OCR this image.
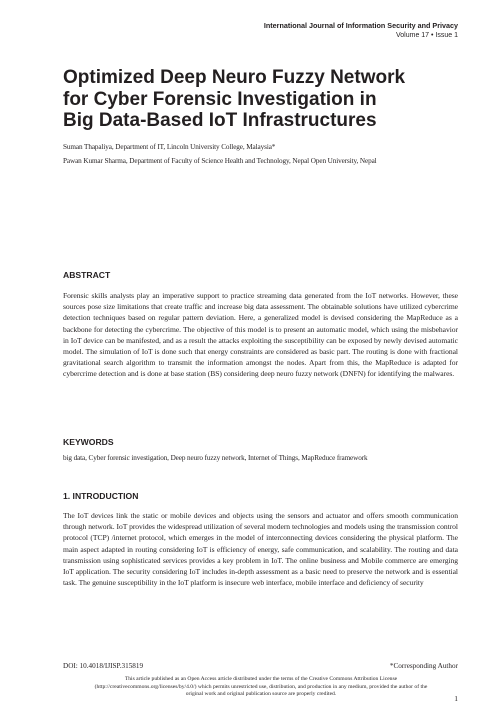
International Journal of Information Security and Privacy
Volume 17 • Issue 1
Optimized Deep Neuro Fuzzy Network
for Cyber Forensic Investigation in
Big Data-Based IoT Infrastructures
Suman Thapaliya, Department of IT, Lincoln University College, Malaysia*
Pawan Kumar Sharma, Department of Faculty of Science Health and Technology, Nepal Open University, Nepal
ABSTRACT

Forensic skills analysts play an imperative support to practice streaming data generated from the IoT networks. However, these sources pose size limitations that create traffic and increase big data assessment. The obtainable solutions have utilized cybercrime detection techniques based on regular pattern deviation. Here, a generalized model is devised considering the MapReduce as a backbone for detecting the cybercrime. The objective of this model is to present an automatic model, which using the misbehavior in IoT device can be manifested, and as a result the attacks exploiting the susceptibility can be exposed by newly devised automatic model. The simulation of IoT is done such that energy constraints are considered as basic part. The routing is done with fractional gravitational search algorithm to transmit the information amongst the nodes. Apart from this, the MapReduce is adapted for cybercrime detection and is done at base station (BS) considering deep neuro fuzzy network (DNFN) for identifying the malwares.

KEYWORDS

big data, Cyber forensic investigation, Deep neuro fuzzy network, Internet of Things, MapReduce framework

1. INTRODUCTION

The IoT devices link the static or mobile devices and objects using the sensors and actuator and offers smooth communication through network. IoT provides the widespread utilization of several modern technologies and models using the transmission control protocol (TCP) /internet protocol, which emerges in the model of interconnecting devices considering the physical platform. The main aspect adapted in routing considering IoT is efficiency of energy, safe communication, and scalability. The routing and data transmission using sophisticated services provides a key problem in IoT. The online business and Mobile commerce are emerging IoT application. The security considering IoT includes in-depth assessment as a basic need to preserve the network and is essential task. The genuine susceptibility in the IoT platform is insecure web interface, mobile interface and deficiency of security

DOI: 10.4018/IJISP.315819	*Corresponding Author

This article published as an Open Access article distributed under the terms of the Creative Commons Attribution License (http://creativecommons.org/licenses/by/4.0/) which permits unrestricted use, distribution, and production in any medium, provided the author of the original work and original publication source are properly credited.	1
